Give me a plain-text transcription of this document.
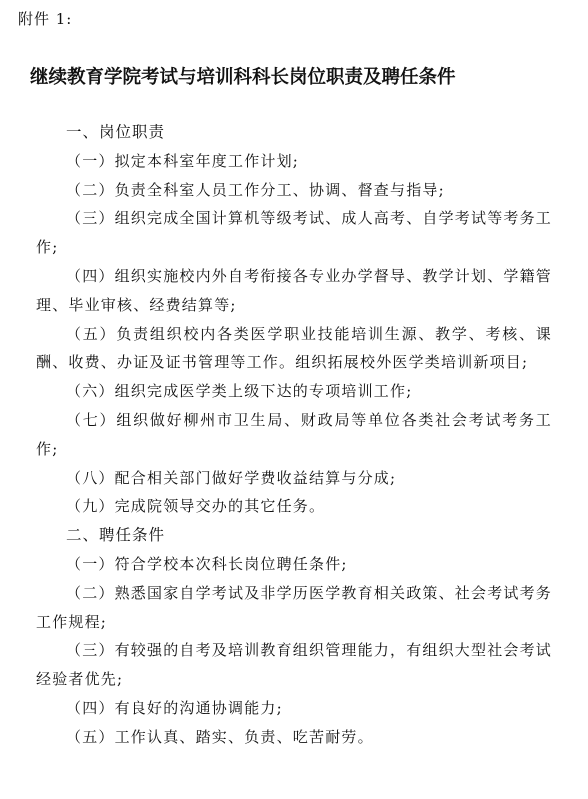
附件 1:
继续教育学院考试与培训科科长岗位职责及聘任条件

一、岗位职责

（一）拟定本科室年度工作计划;

（二）负责全科室人员工作分工、协调、督查与指导;

（三）组织完成全国计算机等级考试、成人高考、自学考试等考务工作;

（四）组织实施校内外自考衔接各专业办学督导、教学计划、学籍管理、毕业审核、经费结算等;

（五）负责组织校内各类医学职业技能培训生源、教学、考核、课酬、收费、办证及证书管理等工作。组织拓展校外医学类培训新项目;

（六）组织完成医学类上级下达的专项培训工作;

（七）组织做好柳州市卫生局、财政局等单位各类社会考试考务工作;

（八）配合相关部门做好学费收益结算与分成;

（九）完成院领导交办的其它任务。

二、聘任条件

（一）符合学校本次科长岗位聘任条件;

（二）熟悉国家自学考试及非学历医学教育相关政策、社会考试考务工作规程;

（三）有较强的自考及培训教育组织管理能力，有组织大型社会考试经验者优先;

（四）有良好的沟通协调能力;

（五）工作认真、踏实、负责、吃苦耐劳。
